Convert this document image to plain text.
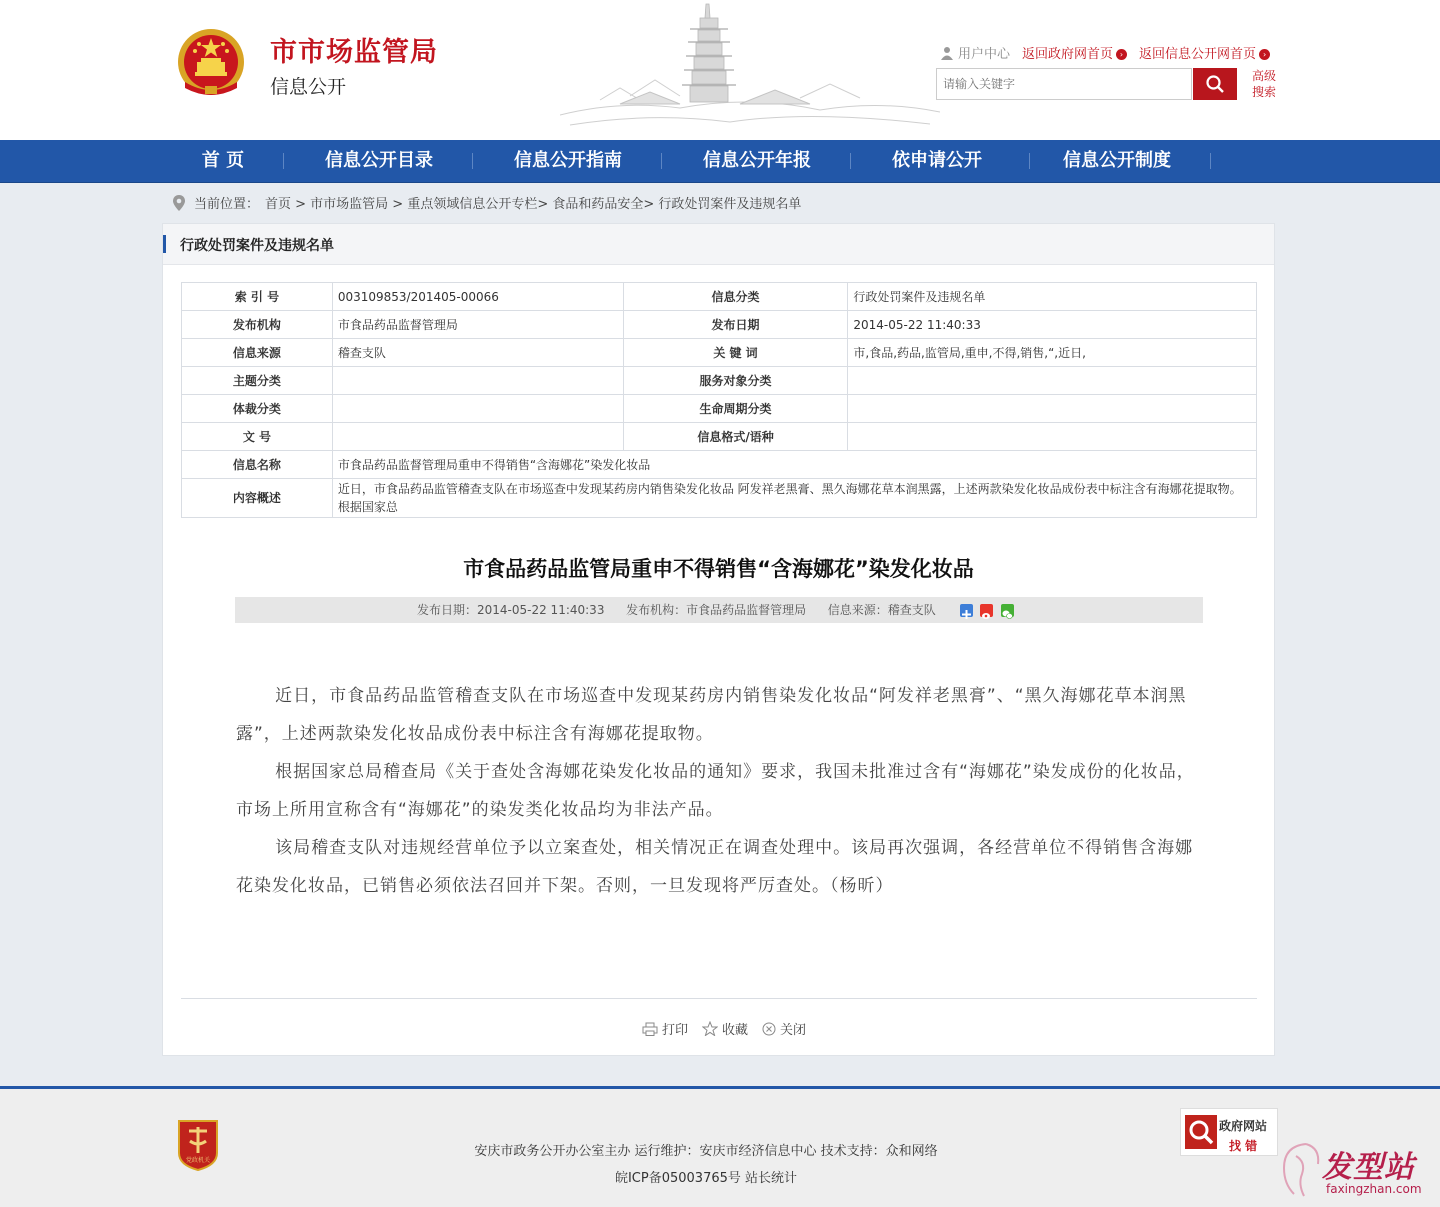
市市场监管局
信息公开
用户中心 返回政府网首页 ›	返回信息公开网首页 ›
请输入关键字
高级
搜索
首 页	信息公开目录	信息公开指南	信息公开年报	依申请公开	信息公开制度
当前位置： 首页 > 市市场监管局 > 重点领域信息公开专栏> 食品和药品安全> 行政处罚案件及违规名单
行政处罚案件及违规名单
索 引 号	003109853/201405-00066	信息分类	行政处罚案件及违规名单
发布机构	市食品药品监督管理局	发布日期	2014-05-22 11:40:33
信息来源	稽查支队	关 键 词	市,食品,药品,监管局,重申,不得,销售,“,近日,
主题分类		服务对象分类	
体裁分类		生命周期分类	
文 号		信息格式/语种	
信息名称	市食品药品监督管理局重申不得销售“含海娜花”染发化妆品		
内容概述	近日，市食品药品监管稽查支队在市场巡查中发现某药房内销售染发化妆品 阿发祥老黑膏、黑久海娜花草本润黑露，上述两款染发化妆品成份表中标注含有海娜花提取物。 根据国家总		
市食品药品监管局重申不得销售“含海娜花”染发化妆品
发布日期：2014-05-22 11:40:33 发布机构：市食品药品监督管理局 信息来源：稽查支队

近日，市食品药品监管稽查支队在市场巡查中发现某药房内销售染发化妆品“阿发祥老黑膏”、“黑久海娜花草本润黑露”，上述两款染发化妆品成份表中标注含有海娜花提取物。

根据国家总局稽查局《关于查处含海娜花染发化妆品的通知》要求，我国未批准过含有“海娜花”染发成份的化妆品，市场上所用宣称含有“海娜花”的染发类化妆品均为非法产品。

该局稽查支队对违规经营单位予以立案查处，相关情况正在调查处理中。该局再次强调，各经营单位不得销售含海娜花染发化妆品，已销售必须依法召回并下架。否则，一旦发现将严厉查处。（杨昕）

打印	收藏 关闭
党政机关
安庆市政务公开办公室主办 运行维护：安庆市经济信息中心 技术支持：众和网络
皖ICP备05003765号 站长统计
政府网站
找 错
发型站
faxingzhan.com
